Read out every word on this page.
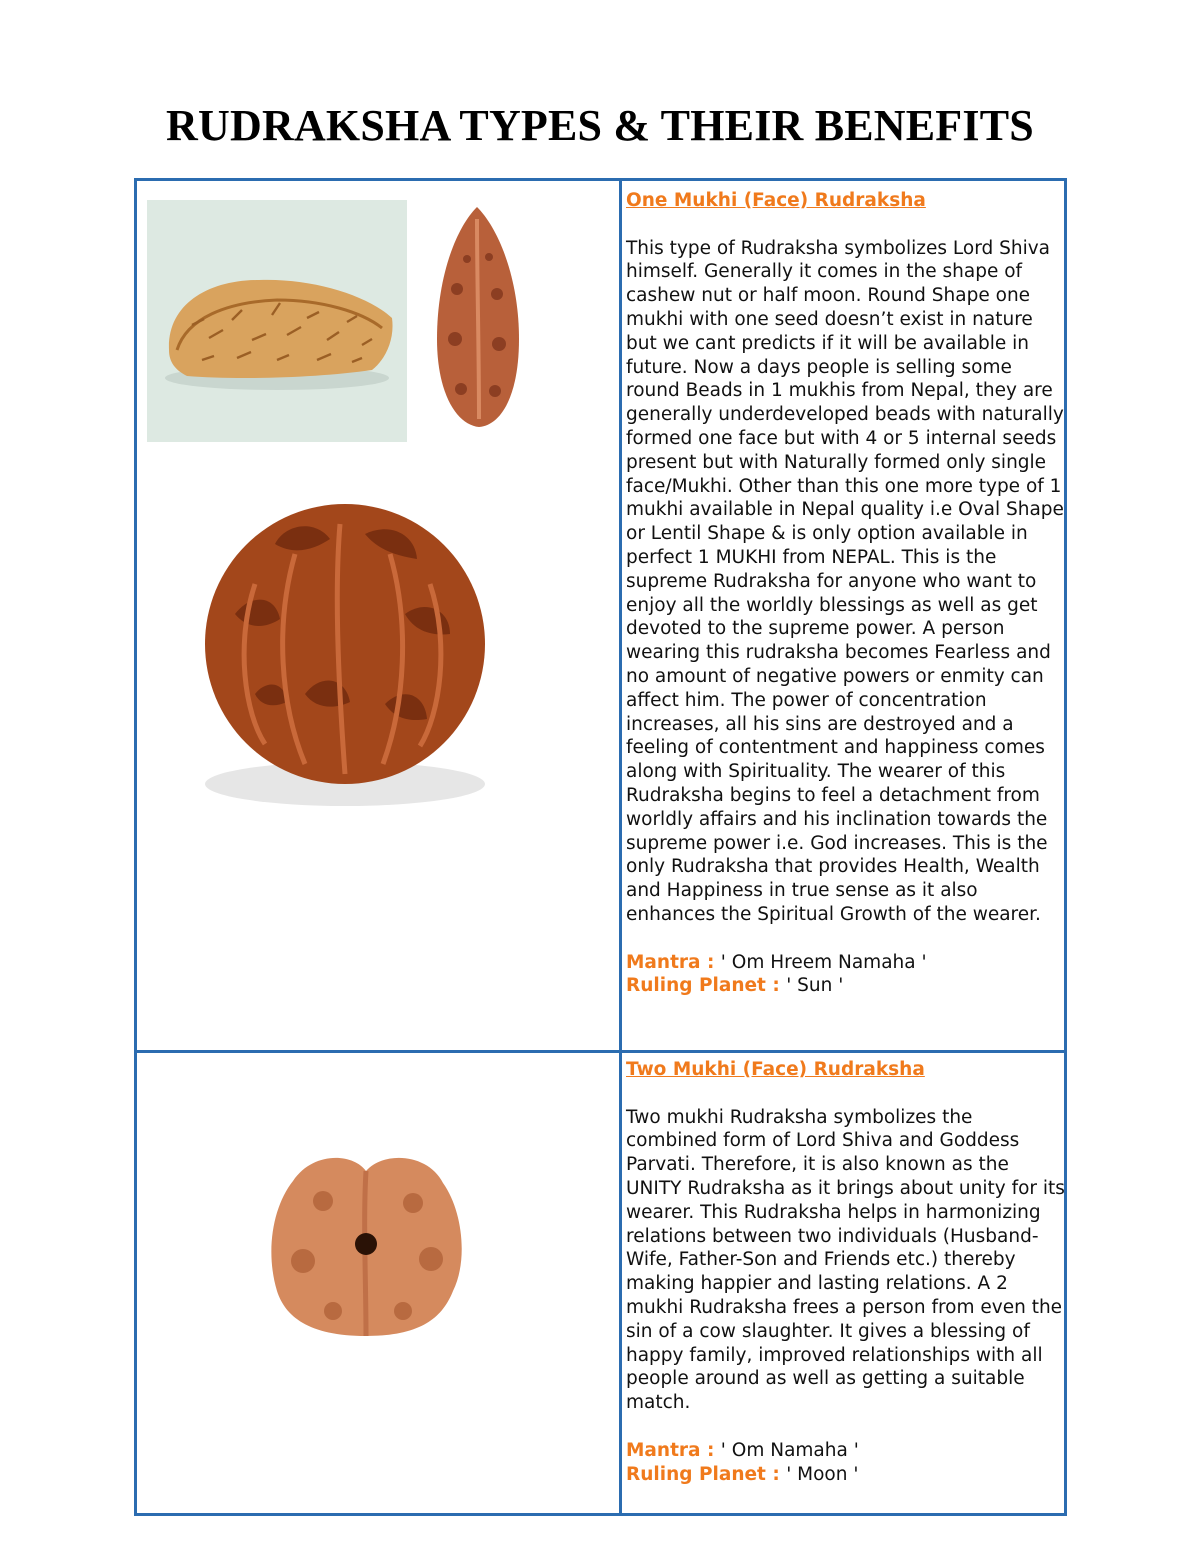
RUDRAKSHA TYPES & THEIR BENEFITS
One Mukhi (Face) Rudraksha
This type of Rudraksha symbolizes Lord Shiva himself. Generally it comes in the shape of cashew nut or half moon. Round Shape one mukhi with one seed doesn’t exist in nature but we cant predicts if it will be available in future. Now a days people is selling some round Beads in 1 mukhis from Nepal, they are generally underdeveloped beads with naturally formed one face but with 4 or 5 internal seeds present but with Naturally formed only single face/Mukhi. Other than this one more type of 1 mukhi available in Nepal quality i.e Oval Shape or Lentil Shape & is only option available in perfect 1 MUKHI from NEPAL. This is the supreme Rudraksha for anyone who want to enjoy all the worldly blessings as well as get devoted to the supreme power. A person wearing this rudraksha becomes Fearless and no amount of negative powers or enmity can affect him. The power of concentration increases, all his sins are destroyed and a feeling of contentment and happiness comes along with Spirituality. The wearer of this Rudraksha begins to feel a detachment from worldly affairs and his inclination towards the supreme power i.e. God increases. This is the only Rudraksha that provides Health, Wealth and Happiness in true sense as it also enhances the Spiritual Growth of the wearer.
Mantra : ' Om Hreem Namaha '
Ruling Planet : ' Sun '
Two Mukhi (Face) Rudraksha
Two mukhi Rudraksha symbolizes the combined form of Lord Shiva and Goddess Parvati. Therefore, it is also known as the UNITY Rudraksha as it brings about unity for its wearer. This Rudraksha helps in harmonizing relations between two individuals (Husband-Wife, Father-Son and Friends etc.) thereby making happier and lasting relations. A 2 mukhi Rudraksha frees a person from even the sin of a cow slaughter. It gives a blessing of happy family, improved relationships with all people around as well as getting a suitable match.
Mantra : ' Om Namaha '
Ruling Planet : ' Moon '
